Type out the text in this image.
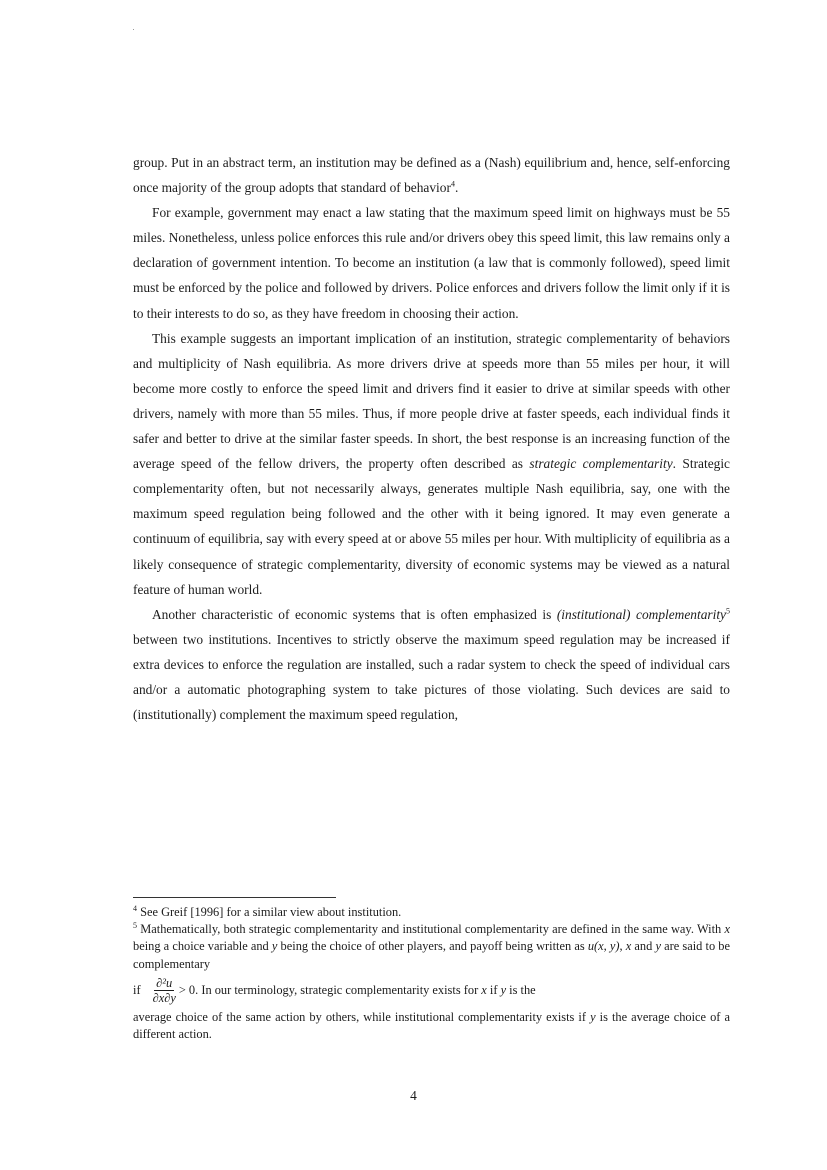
group. Put in an abstract term, an institution may be defined as a (Nash) equilibrium and, hence, self-enforcing once majority of the group adopts that standard of behavior$^4$.

For example, government may enact a law stating that the maximum speed limit on highways must be 55 miles. Nonetheless, unless police enforces this rule and/or drivers obey this speed limit, this law remains only a declaration of government intention. To become an institution (a law that is commonly followed), speed limit must be enforced by the police and followed by drivers. Police enforces and drivers follow the limit only if it is to their interests to do so, as they have freedom in choosing their action.

This example suggests an important implication of an institution, strategic complementarity of behaviors and multiplicity of Nash equilibria. As more drivers drive at speeds more than 55 miles per hour, it will become more costly to enforce the speed limit and drivers find it easier to drive at similar speeds with other drivers, namely with more than 55 miles. Thus, if more people drive at faster speeds, each individual finds it safer and better to drive at the similar faster speeds. In short, the best response is an increasing function of the average speed of the fellow drivers, the property often described as strategic complementarity. Strategic complementarity often, but not necessarily always, generates multiple Nash equilibria, say, one with the maximum speed regulation being followed and the other with it being ignored. It may even generate a continuum of equilibria, say with every speed at or above 55 miles per hour. With multiplicity of equilibria as a likely consequence of strategic complementarity, diversity of economic systems may be viewed as a natural feature of human world.

Another characteristic of economic systems that is often emphasized is (institutional) complementarity$^5$ between two institutions. Incentives to strictly observe the maximum speed regulation may be increased if extra devices to enforce the regulation are installed, such a radar system to check the speed of individual cars and/or a automatic photographing system to take pictures of those violating. Such devices are said to (institutionally) complement the maximum speed regulation,

$^4$ See Greif [1996] for a similar view about institution.

$^5$ Mathematically, both strategic complementarity and institutional complementarity are defined in the same way. With x being a choice variable and y being the choice of other players, and payoff being written as u(x, y), x and y are said to be complementary

if $\frac{\text{∂²u}}{\partial x\partial y} > 0$. In our terminology, strategic complementarity exists for x if y is the

average choice of the same action by others, while institutional complementarity exists if y is the average choice of a different action.

4
